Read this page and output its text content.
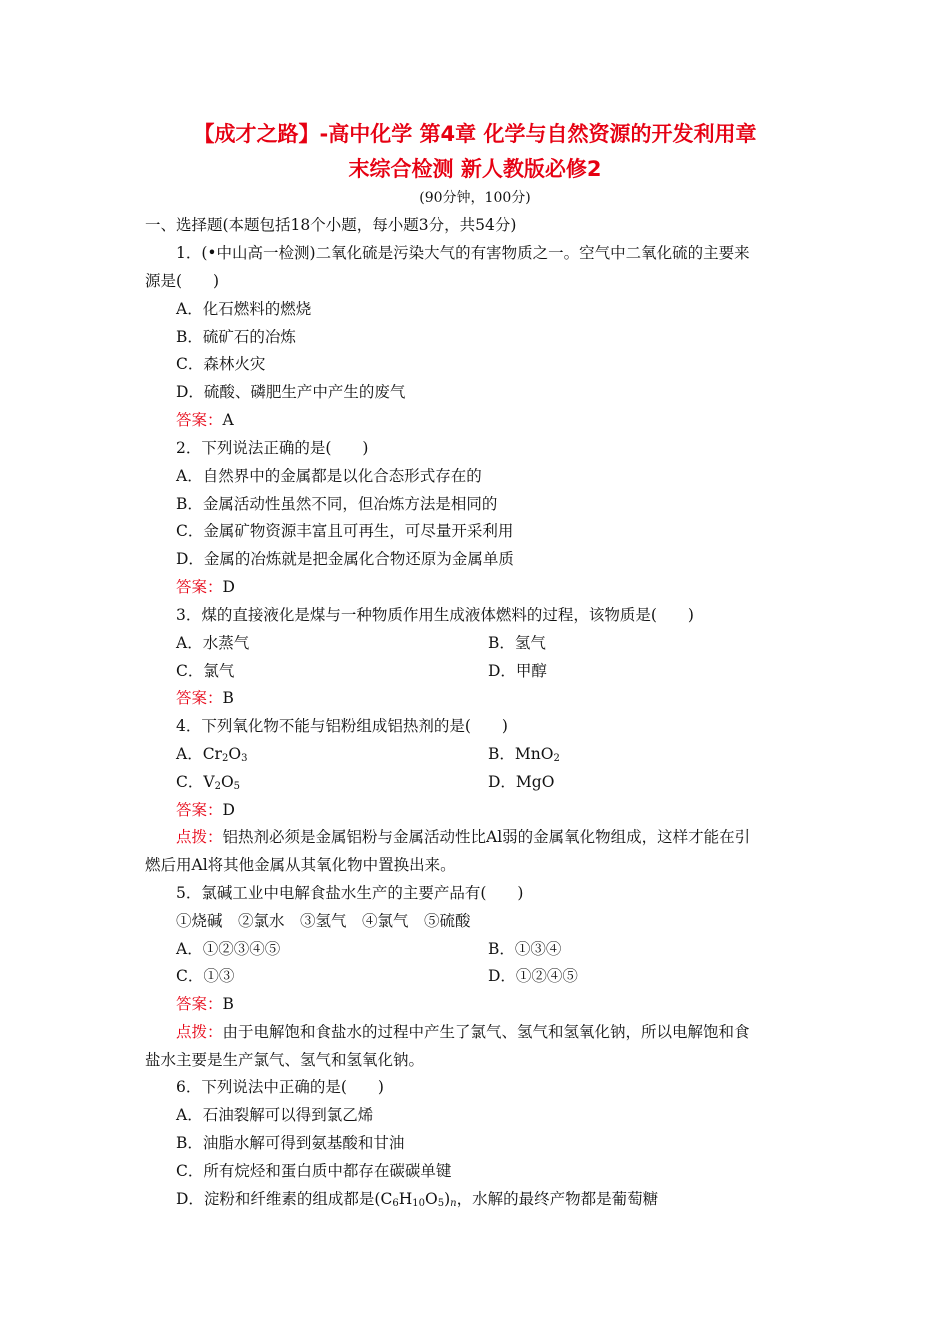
【成才之路】-高中化学 第4章 化学与自然资源的开发利用章
末综合检测 新人教版必修2
(90分钟，100分)
一、选择题(本题包括18个小题，每小题3分，共54分)
1．(•中山高一检测)二氧化硫是污染大气的有害物质之一。空气中二氧化硫的主要来
源是(　　)
A．化石燃料的燃烧
B．硫矿石的冶炼
C．森林火灾
D．硫酸、磷肥生产中产生的废气
答案：A
2．下列说法正确的是(　　)
A．自然界中的金属都是以化合态形式存在的
B．金属活动性虽然不同，但冶炼方法是相同的
C．金属矿物资源丰富且可再生，可尽量开采利用
D．金属的冶炼就是把金属化合物还原为金属单质
答案：D
3．煤的直接液化是煤与一种物质作用生成液体燃料的过程，该物质是(　　)
A．水蒸气	B．氢气
C．氯气	D．甲醇
答案：B
4．下列氧化物不能与铝粉组成铝热剂的是(　　)
A．$Cr_2O_3$	B．MnO$_2$
C．$V_2O_5$	D．MgO
答案：D
点拨：铝热剂必须是金属铝粉与金属活动性比Al弱的金属氧化物组成，这样才能在引
燃后用Al将其他金属从其氧化物中置换出来。
5．氯碱工业中电解食盐水生产的主要产品有(　　)
①烧碱　②氯水　③氢气　④氯气　⑤硫酸
A．①②③④⑤	B．①③④
C．①③	D．①②④⑤
答案：B
点拨：由于电解饱和食盐水的过程中产生了氯气、氢气和氢氧化钠，所以电解饱和食
盐水主要是生产氯气、氢气和氢氧化钠。
6．下列说法中正确的是(　　)
A．石油裂解可以得到氯乙烯
B．油脂水解可得到氨基酸和甘油
C．所有烷烃和蛋白质中都存在碳碳单键
D．淀粉和纤维素的组成都是$(C_6H_{10}O_5)_n$，水解的最终产物都是葡萄糖
